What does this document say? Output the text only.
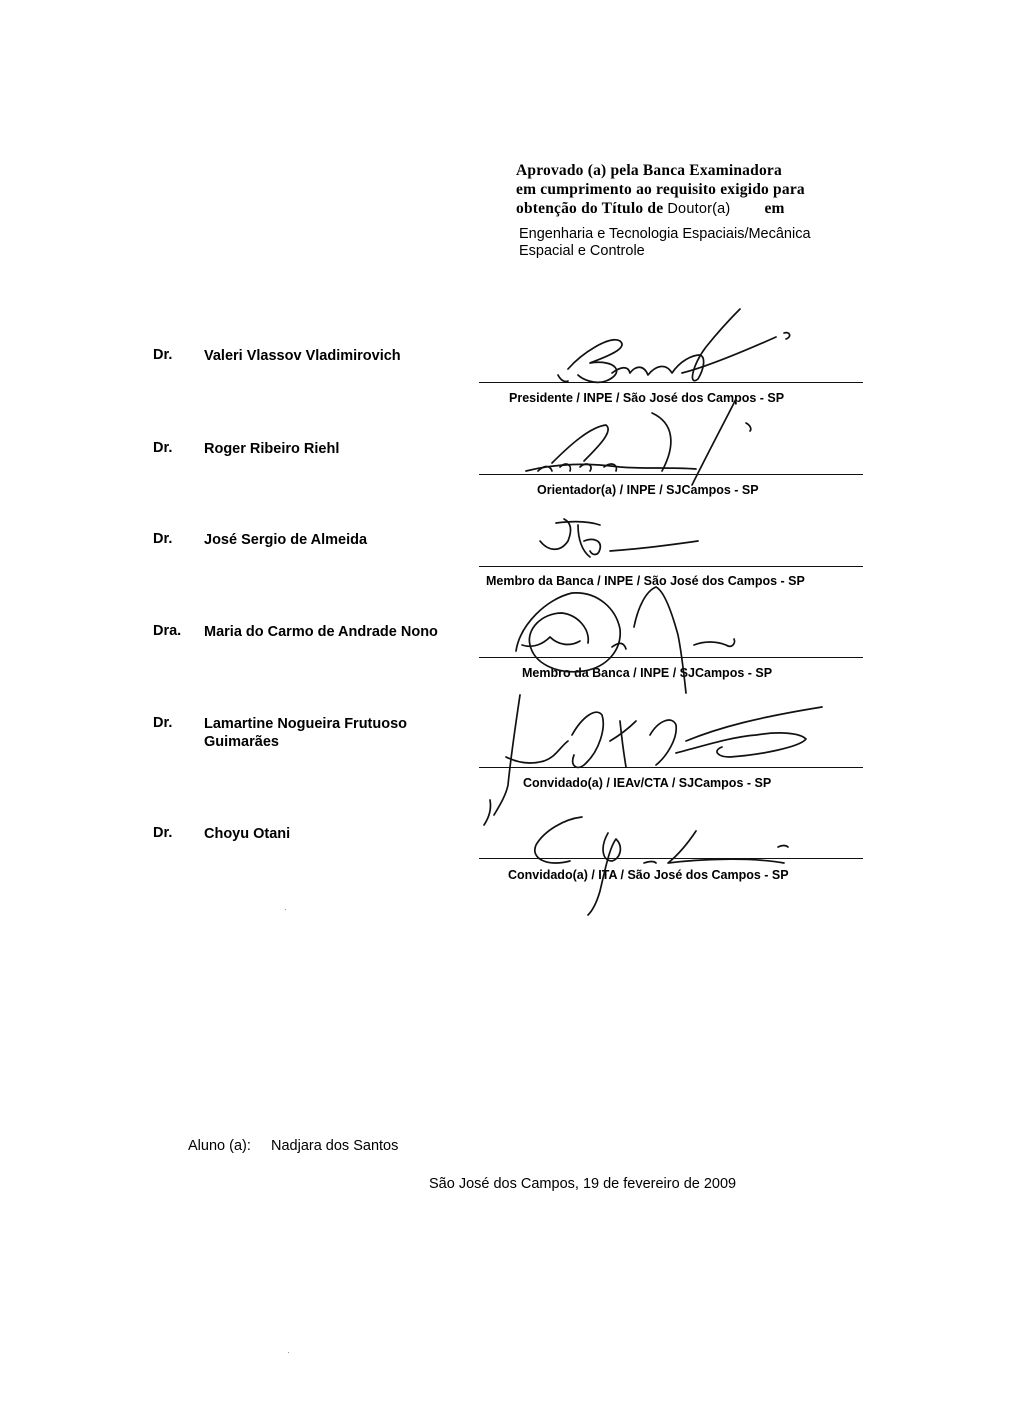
Aprovado (a) pela Banca Examinadora
em cumprimento ao requisito exigido para
obtenção do Título de Doutor(a) em
Engenharia e Tecnologia Espaciais/Mecânica
Espacial e Controle
Dr. Valeri Vlassov Vladimirovich
Presidente / INPE / São José dos Campos - SP
Dr. Roger Ribeiro Riehl
Orientador(a) / INPE / SJCampos - SP
Dr. José Sergio de Almeida
Membro da Banca / INPE / São José dos Campos - SP
Dra. Maria do Carmo de Andrade Nono
Membro da Banca / INPE / SJCampos - SP
Dr. Lamartine Nogueira Frutuoso
Guimarães
Convidado(a) / IEAv/CTA / SJCampos - SP
Dr. Choyu Otani
Convidado(a) / ITA / São José dos Campos - SP
Aluno (a): Nadjara dos Santos
São José dos Campos, 19 de fevereiro de 2009
